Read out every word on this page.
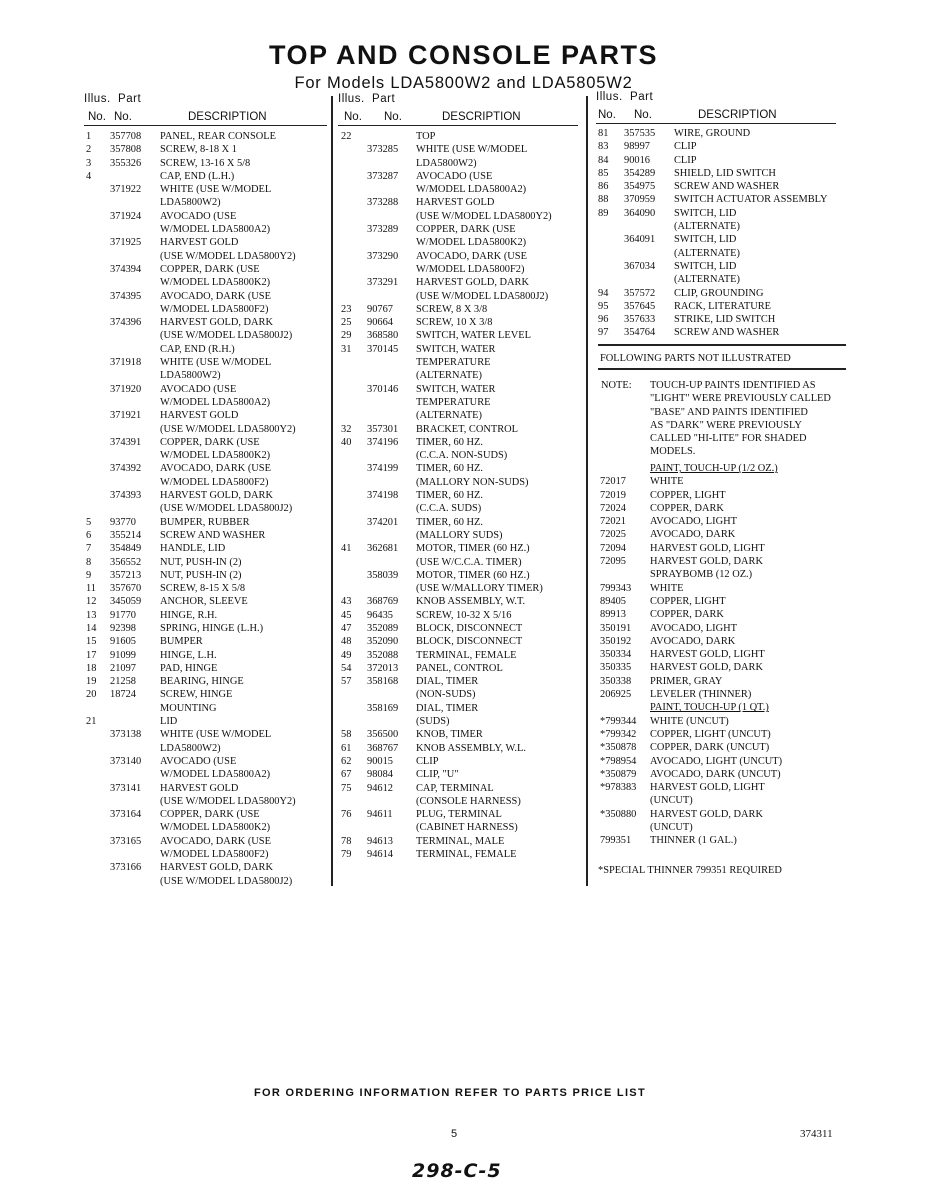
TOP AND CONSOLE PARTS
For Models LDA5800W2 and LDA5805W2
Illus. Part
No. No.	DESCRIPTION
Illus. Part
No. No.	DESCRIPTION
Illus. Part
No. No.	DESCRIPTION
1 357708 PANEL, REAR CONSOLE
2 357808 SCREW, 8-18 X 1
3 355326 SCREW, 13-16 X 5/8
4	CAP, END (L.H.)
371922 WHITE (USE W/MODEL
LDA5800W2)
371924 AVOCADO (USE
W/MODEL LDA5800A2)
371925 HARVEST GOLD
(USE W/MODEL LDA5800Y2)
374394 COPPER, DARK (USE
W/MODEL LDA5800K2)
374395 AVOCADO, DARK (USE
W/MODEL LDA5800F2)
374396 HARVEST GOLD, DARK
(USE W/MODEL LDA5800J2)
CAP, END (R.H.)
371918 WHITE (USE W/MODEL
LDA5800W2)
371920 AVOCADO (USE
W/MODEL LDA5800A2)
371921 HARVEST GOLD
(USE W/MODEL LDA5800Y2)
374391 COPPER, DARK (USE
W/MODEL LDA5800K2)
374392 AVOCADO, DARK (USE
W/MODEL LDA5800F2)
374393 HARVEST GOLD, DARK
(USE W/MODEL LDA5800J2)
5 93770 BUMPER, RUBBER
6 355214 SCREW AND WASHER
7 354849 HANDLE, LID
8 356552 NUT, PUSH-IN (2)
9 357213 NUT, PUSH-IN (2)
11 357670 SCREW, 8-15 X 5/8
12 345059 ANCHOR, SLEEVE
13 91770 HINGE, R.H.
14 92398 SPRING, HINGE (L.H.)
15 91605 BUMPER
17 91099 HINGE, L.H.
18 21097 PAD, HINGE
19 21258 BEARING, HINGE
20 18724 SCREW, HINGE
MOUNTING
21	LID
373138 WHITE (USE W/MODEL
LDA5800W2)
373140 AVOCADO (USE
W/MODEL LDA5800A2)
373141 HARVEST GOLD
(USE W/MODEL LDA5800Y2)
373164 COPPER, DARK (USE
W/MODEL LDA5800K2)
373165 AVOCADO, DARK (USE
W/MODEL LDA5800F2)
373166 HARVEST GOLD, DARK
(USE W/MODEL LDA5800J2)
22	TOP
373285 WHITE (USE W/MODEL
LDA5800W2)
373287 AVOCADO (USE
W/MODEL LDA5800A2)
373288 HARVEST GOLD
(USE W/MODEL LDA5800Y2)
373289 COPPER, DARK (USE
W/MODEL LDA5800K2)
373290 AVOCADO, DARK (USE
W/MODEL LDA5800F2)
373291 HARVEST GOLD, DARK
(USE W/MODEL LDA5800J2)
23 90767 SCREW, 8 X 3/8
25 90664 SCREW, 10 X 3/8
29 368580 SWITCH, WATER LEVEL
31 370145 SWITCH, WATER
TEMPERATURE
(ALTERNATE)
370146 SWITCH, WATER
TEMPERATURE
(ALTERNATE)
32 357301 BRACKET, CONTROL
40 374196 TIMER, 60 HZ.
(C.C.A. NON-SUDS)
374199 TIMER, 60 HZ.
(MALLORY NON-SUDS)
374198 TIMER, 60 HZ.
(C.C.A. SUDS)
374201 TIMER, 60 HZ.
(MALLORY SUDS)
41 362681 MOTOR, TIMER (60 HZ.)
(USE W/C.C.A. TIMER)
358039 MOTOR, TIMER (60 HZ.)
(USE W/MALLORY TIMER)
43 368769 KNOB ASSEMBLY, W.T.
45 96435 SCREW, 10-32 X 5/16
47 352089 BLOCK, DISCONNECT
48 352090 BLOCK, DISCONNECT
49 352088 TERMINAL, FEMALE
54 372013 PANEL, CONTROL
57 358168 DIAL, TIMER
(NON-SUDS)
358169 DIAL, TIMER
(SUDS)
58 356500 KNOB, TIMER
61 368767 KNOB ASSEMBLY, W.L.
62 90015 CLIP
67 98084 CLIP, "U"
75 94612 CAP, TERMINAL
(CONSOLE HARNESS)
76 94611 PLUG, TERMINAL
(CABINET HARNESS)
78 94613 TERMINAL, MALE
79 94614 TERMINAL, FEMALE
81 357535 WIRE, GROUND
83 98997 CLIP
84 90016 CLIP
85 354289 SHIELD, LID SWITCH
86 354975 SCREW AND WASHER
88 370959 SWITCH ACTUATOR ASSEMBLY
89 364090 SWITCH, LID
(ALTERNATE)
364091 SWITCH, LID
(ALTERNATE)
367034 SWITCH, LID
(ALTERNATE)
94 357572 CLIP, GROUNDING
95 357645 RACK, LITERATURE
96 357633 STRIKE, LID SWITCH
97 354764 SCREW AND WASHER
FOLLOWING PARTS NOT ILLUSTRATED
NOTE: TOUCH-UP PAINTS IDENTIFIED AS
"LIGHT" WERE PREVIOUSLY CALLED
"BASE" AND PAINTS IDENTIFIED
AS "DARK" WERE PREVIOUSLY
CALLED "HI-LITE" FOR SHADED
MODELS.
PAINT, TOUCH-UP (1/2 OZ.)
72017 WHITE
72019 COPPER, LIGHT
72024 COPPER, DARK
72021 AVOCADO, LIGHT
72025 AVOCADO, DARK
72094 HARVEST GOLD, LIGHT
72095 HARVEST GOLD, DARK
SPRAYBOMB (12 OZ.)
799343 WHITE
89405 COPPER, LIGHT
89913 COPPER, DARK
350191 AVOCADO, LIGHT
350192 AVOCADO, DARK
350334 HARVEST GOLD, LIGHT
350335 HARVEST GOLD, DARK
350338 PRIMER, GRAY
206925 LEVELER (THINNER)
PAINT, TOUCH-UP (1 QT.)
*799344 WHITE (UNCUT)
*799342 COPPER, LIGHT (UNCUT)
*350878 COPPER, DARK (UNCUT)
*798954 AVOCADO, LIGHT (UNCUT)
*350879 AVOCADO, DARK (UNCUT)
*978383 HARVEST GOLD, LIGHT
(UNCUT)
*350880 HARVEST GOLD, DARK
(UNCUT)
799351 THINNER (1 GAL.)
*SPECIAL THINNER 799351 REQUIRED
FOR ORDERING INFORMATION REFER TO PARTS PRICE LIST
5	374311
298-C-5
